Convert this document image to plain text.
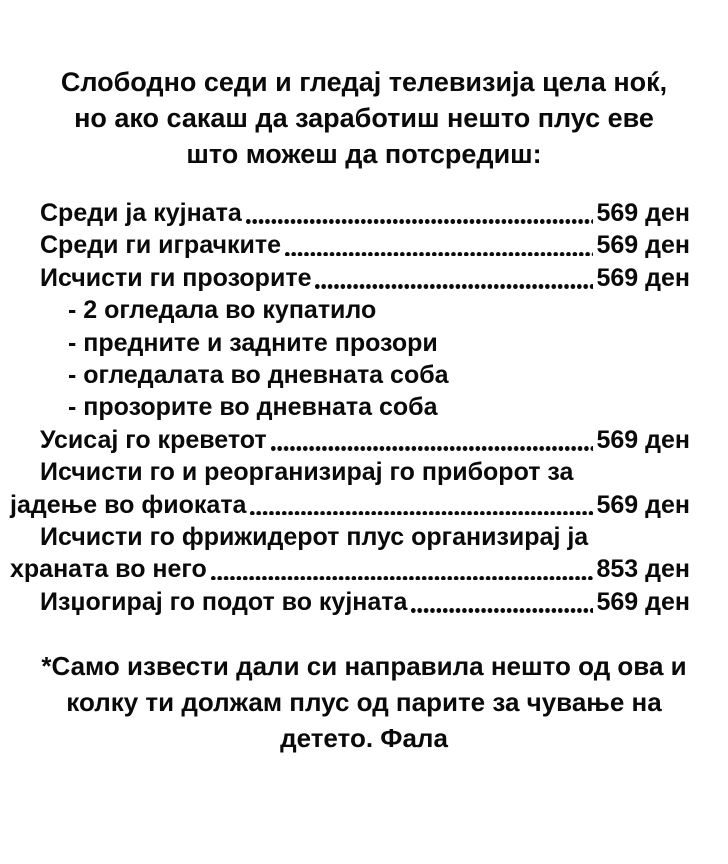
Слободно седи и гледај телевизија цела ноќ,
но ако сакаш да заработиш нешто плус еве
што можеш да потсредиш:
Среди ја кујната	569 ден
Среди ги играчките	569 ден
Исчисти ги прозорите	569 ден
- 2 огледала во купатило
- предните и задните прозори
- огледалата во дневната соба
- прозорите во дневната соба
Усисај го креветот	569 ден
Исчисти го и реорганизирај го приборот за
јадење во фиоката	569 ден
Исчисти го фрижидерот плус организирај ја
храната во него	853 ден
Изџогирај го подот во кујната	569 ден
*Само извести дали си направила нешто од ова и
колку ти должам плус од парите за чување на
детето. Фала
